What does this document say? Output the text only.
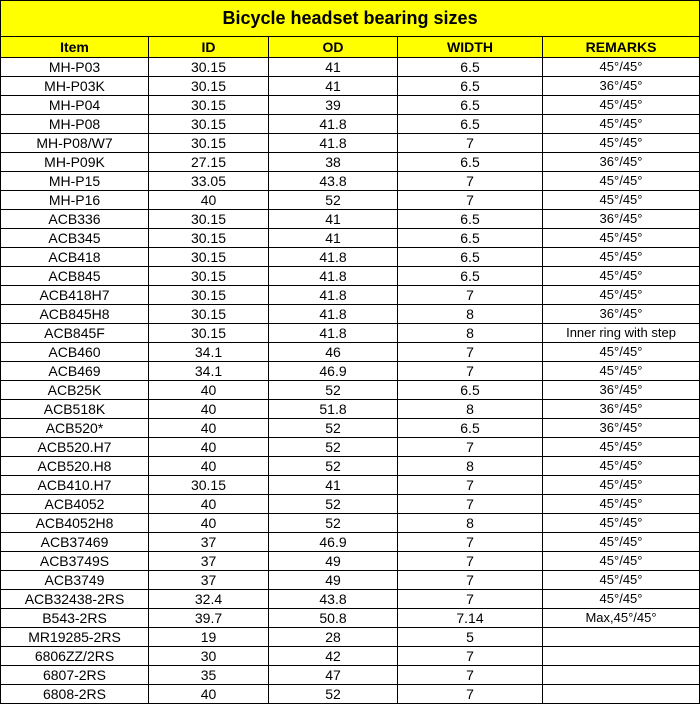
Bicycle headset bearing sizes				
Item	ID	OD	WIDTH	REMARKS
MH-P03	30.15	41	6.5	45°/45°
MH-P03K	30.15	41	6.5	36°/45°
MH-P04	30.15	39	6.5	45°/45°
MH-P08	30.15	41.8	6.5	45°/45°
MH-P08/W7	30.15	41.8	7	45°/45°
MH-P09K	27.15	38	6.5	36°/45°
MH-P15	33.05	43.8	7	45°/45°
MH-P16	40	52	7	45°/45°
ACB336	30.15	41	6.5	36°/45°
ACB345	30.15	41	6.5	45°/45°
ACB418	30.15	41.8	6.5	45°/45°
ACB845	30.15	41.8	6.5	45°/45°
ACB418H7	30.15	41.8	7	45°/45°
ACB845H8	30.15	41.8	8	36°/45°
ACB845F	30.15	41.8	8	Inner ring with step
ACB460	34.1	46	7	45°/45°
ACB469	34.1	46.9	7	45°/45°
ACB25K	40	52	6.5	36°/45°
ACB518K	40	51.8	8	36°/45°
ACB520*	40	52	6.5	36°/45°
ACB520.H7	40	52	7	45°/45°
ACB520.H8	40	52	8	45°/45°
ACB410.H7	30.15	41	7	45°/45°
ACB4052	40	52	7	45°/45°
ACB4052H8	40	52	8	45°/45°
ACB37469	37	46.9	7	45°/45°
ACB3749S	37	49	7	45°/45°
ACB3749	37	49	7	45°/45°
ACB32438-2RS	32.4	43.8	7	45°/45°
B543-2RS	39.7	50.8	7.14	Max,45°/45°
MR19285-2RS	19	28	5	
6806ZZ/2RS	30	42	7	
6807-2RS	35	47	7	
6808-2RS	40	52	7	
